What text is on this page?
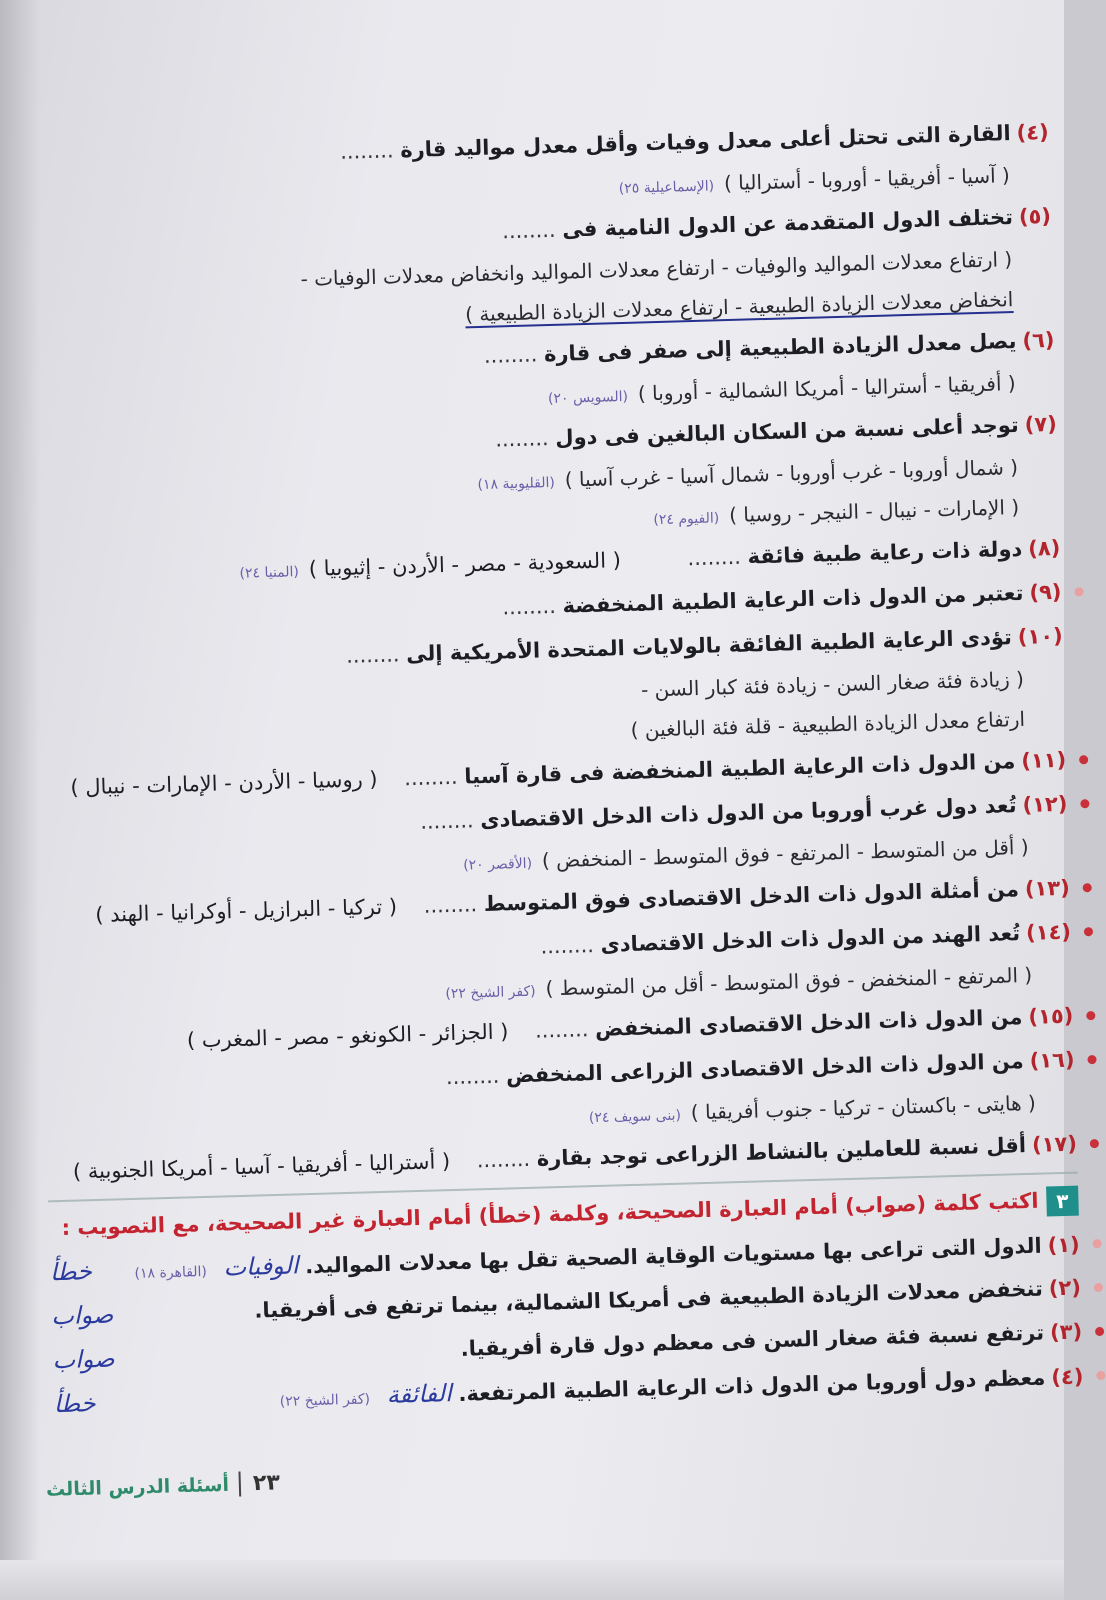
(٤)القارة التى تحتل أعلى معدل وفيات وأقل معدل مواليد قارة ........
( آسيا - أفريقيا - أوروبا - أستراليا )(الإسماعيلية ٢٥)
(٥)تختلف الدول المتقدمة عن الدول النامية فى ........
( ارتفاع معدلات المواليد والوفيات - ارتفاع معدلات المواليد وانخفاض معدلات الوفيات -
انخفاض معدلات الزيادة الطبيعية - ارتفاع معدلات الزيادة الطبيعية )
(٦)يصل معدل الزيادة الطبيعية إلى صفر فى قارة ........
( أفريقيا - أستراليا - أمريكا الشمالية - أوروبا )(السويس ٢٠)
(٧)توجد أعلى نسبة من السكان البالغين فى دول ........
( شمال أوروبا - غرب أوروبا - شمال آسيا - غرب آسيا )(القليوبية ١٨)
( الإمارات - نيبال - النيجر - روسيا )(الفيوم ٢٤)
(٨)دولة ذات رعاية طبية فائقة ........ ( السعودية - مصر - الأردن - إثيوبيا )(المنيا ٢٤)
(٩)تعتبر من الدول ذات الرعاية الطبية المنخفضة ........
(١٠)تؤدى الرعاية الطبية الفائقة بالولايات المتحدة الأمريكية إلى ........
( زيادة فئة صغار السن - زيادة فئة كبار السن -
ارتفاع معدل الزيادة الطبيعية - قلة فئة البالغين )
(١١)من الدول ذات الرعاية الطبية المنخفضة فى قارة آسيا ........ ( روسيا - الأردن - الإمارات - نيبال )
(١٢)تُعد دول غرب أوروبا من الدول ذات الدخل الاقتصادى ........
( أقل من المتوسط - المرتفع - فوق المتوسط - المنخفض )(الأقصر ٢٠)
(١٣)من أمثلة الدول ذات الدخل الاقتصادى فوق المتوسط ........ ( تركيا - البرازيل - أوكرانيا - الهند )
(١٤)تُعد الهند من الدول ذات الدخل الاقتصادى ........
( المرتفع - المنخفض - فوق المتوسط - أقل من المتوسط )(كفر الشيخ ٢٢)
(١٥)من الدول ذات الدخل الاقتصادى المنخفض ........ ( الجزائر - الكونغو - مصر - المغرب )
(١٦)من الدول ذات الدخل الاقتصادى الزراعى المنخفض ........
( هايتى - باكستان - تركيا - جنوب أفريقيا )(بنى سويف ٢٤)
(١٧)أقل نسبة للعاملين بالنشاط الزراعى توجد بقارة ........ ( أستراليا - أفريقيا - آسيا - أمريكا الجنوبية )
٣اكتب كلمة (صواب) أمام العبارة الصحيحة، وكلمة (خطأ) أمام العبارة غير الصحيحة، مع التصويب :
(١)الدول التى تراعى بها مستويات الوقاية الصحية تقل بها معدلات المواليد. الوفيات (القاهرة ١٨)
خطأ
(٢)تنخفض معدلات الزيادة الطبيعية فى أمريكا الشمالية، بينما ترتفع فى أفريقيا.
صواب
(٣)ترتفع نسبة فئة صغار السن فى معظم دول قارة أفريقيا.
صواب
(٤)معظم دول أوروبا من الدول ذات الرعاية الطبية المرتفعة. الفائقة (كفر الشيخ ٢٢)
خطأ
٢٣أسئلة الدرس الثالث
